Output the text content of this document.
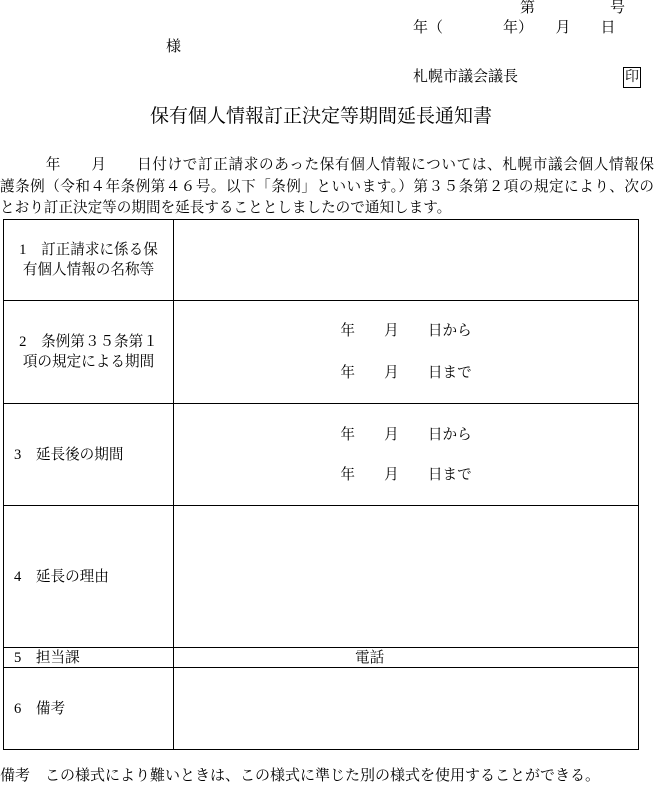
第　　　　　号
年（　　　　年）　　月　　日
様
札幌市議会議長	印
保有個人情報訂正決定等期間延長通知書
　　　年　　月　　日付けで訂正請求のあった保有個人情報については、札幌市議会個人情報保
護条例（令和４年条例第４６号。以下「条例」といいます。）第３５条第２項の規定により、次の
とおり訂正決定等の期間を延長することとしましたので通知します。
1　訂正請求に係る保
有個人情報の名称等
2　条例第３５条第１
項の規定による期間
年　　月　　日から
年　　月　　日まで
3　延長後の期間
年　　月　　日から
年　　月　　日まで
4　延長の理由
5　担当課	電話
6　備考
備考　この様式により難いときは、この様式に準じた別の様式を使用することができる。
